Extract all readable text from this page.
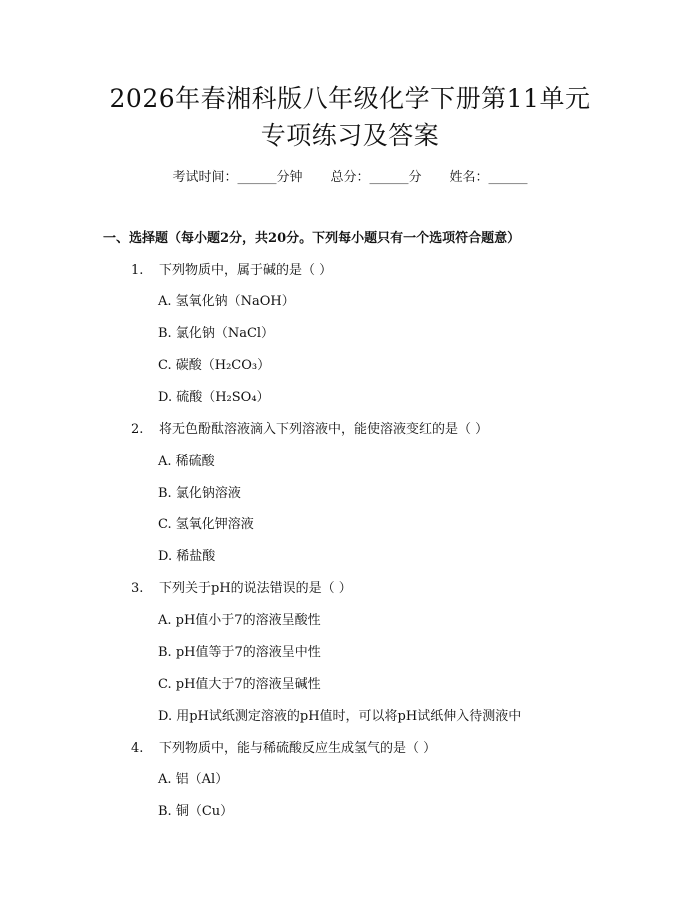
2026年春湘科版八年级化学下册第11单元
专项练习及答案
考试时间：______分钟 总分：______分 姓名：______
一、选择题（每小题2分，共20分。下列每小题只有一个选项符合题意）
1. 下列物质中，属于碱的是（ ）
A. 氢氧化钠（NaOH）
B. 氯化钠（NaCl）
C. 碳酸（H₂CO₃）
D. 硫酸（H₂SO₄）
2. 将无色酚酞溶液滴入下列溶液中，能使溶液变红的是（ ）
A. 稀硫酸
B. 氯化钠溶液
C. 氢氧化钾溶液
D. 稀盐酸
3. 下列关于pH的说法错误的是（ ）
A. pH值小于7的溶液呈酸性
B. pH值等于7的溶液呈中性
C. pH值大于7的溶液呈碱性
D. 用pH试纸测定溶液的pH值时，可以将pH试纸伸入待测液中
4. 下列物质中，能与稀硫酸反应生成氢气的是（ ）
A. 铝（Al）
B. 铜（Cu）
